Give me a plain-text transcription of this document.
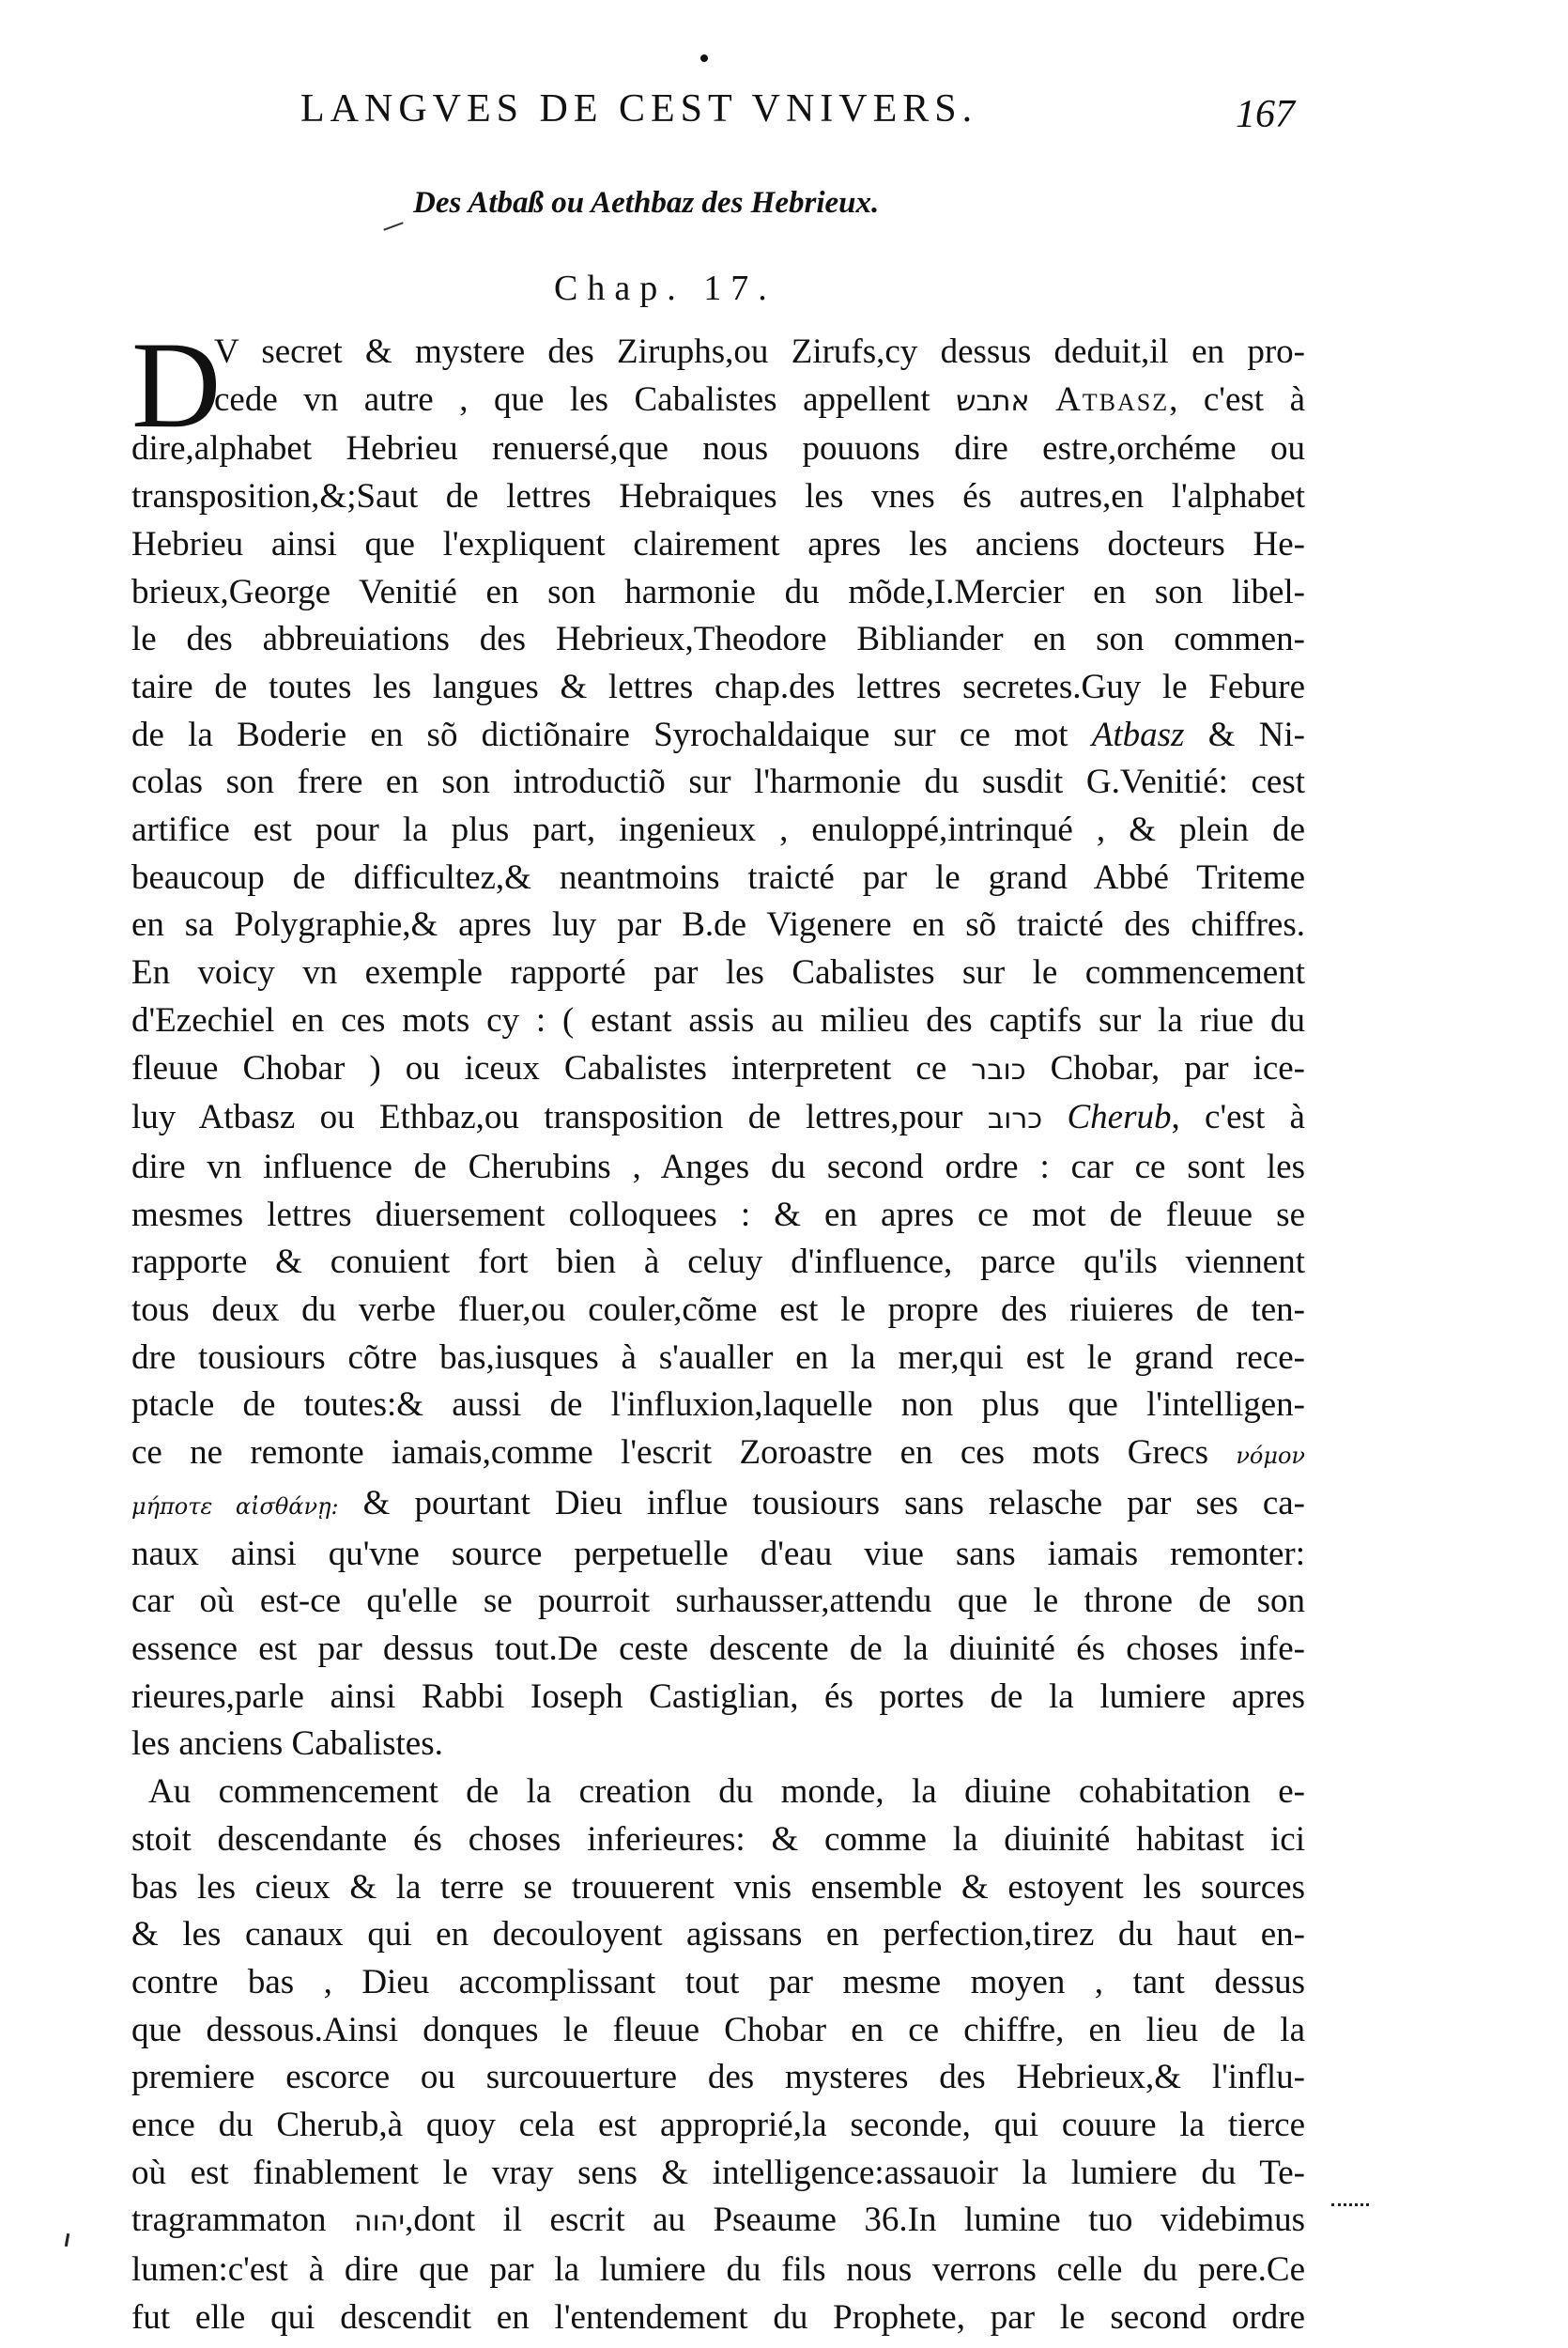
LANGVES DE CEST VNIVERS.	167
Des Atbaß ou Aethbaz des Hebrieux.
Chap. 17.
D
V secret & mystere des Ziruphs,ou Zirufs,cy dessus deduit,il en pro-
cede vn autre , que les Cabalistes appellent אתבש Atbasz, c'est à
dire,alphabet Hebrieu renuersé,que nous pouuons dire estre,orchéme ou
transposition,&;Saut de lettres Hebraiques les vnes és autres,en l'alphabet
Hebrieu ainsi que l'expliquent clairement apres les anciens docteurs He-
brieux,George Venitié en son harmonie du mõde,I.Mercier en son libel-
le des abbreuiations des Hebrieux,Theodore Bibliander en son commen-
taire de toutes les langues & lettres chap.des lettres secretes.Guy le Febure
de la Boderie en sõ dictiõnaire Syrochaldaique sur ce mot Atbasz & Ni-
colas son frere en son introductiõ sur l'harmonie du susdit G.Venitié: cest
artifice est pour la plus part, ingenieux , enuloppé,intrinqué , & plein de
beaucoup de difficultez,& neantmoins traicté par le grand Abbé Triteme
en sa Polygraphie,& apres luy par B.de Vigenere en sõ traicté des chiffres.
En voicy vn exemple rapporté par les Cabalistes sur le commencement
d'Ezechiel en ces mots cy : ( estant assis au milieu des captifs sur la riue du
fleuue Chobar ) ou iceux Cabalistes interpretent ce כובר Chobar, par ice-
luy Atbasz ou Ethbaz,ou transposition de lettres,pour כרוב Cherub, c'est à
dire vn influence de Cherubins , Anges du second ordre : car ce sont les
mesmes lettres diuersement colloquees : & en apres ce mot de fleuue se
rapporte & conuient fort bien à celuy d'influence, parce qu'ils viennent
tous deux du verbe fluer,ou couler,cõme est le propre des riuieres de ten-
dre tousiours cõtre bas,iusques à s'aualler en la mer,qui est le grand rece-
ptacle de toutes:& aussi de l'influxion,laquelle non plus que l'intelligen-
ce ne remonte iamais,comme l'escrit Zoroastre en ces mots Grecs νόμον
μήποτε αἰσθάνῃ: & pourtant Dieu influe tousiours sans relasche par ses ca-
naux ainsi qu'vne source perpetuelle d'eau viue sans iamais remonter:
car où est-ce qu'elle se pourroit surhausser,attendu que le throne de son
essence est par dessus tout.De ceste descente de la diuinité és choses infe-
rieures,parle ainsi Rabbi Ioseph Castiglian, és portes de la lumiere apres
les anciens Cabalistes.
Au commencement de la creation du monde, la diuine cohabitation e-
stoit descendante és choses inferieures: & comme la diuinité habitast ici
bas les cieux & la terre se trouuerent vnis ensemble & estoyent les sources
& les canaux qui en decouloyent agissans en perfection,tirez du haut en-
contre bas , Dieu accomplissant tout par mesme moyen , tant dessus
que dessous.Ainsi donques le fleuue Chobar en ce chiffre, en lieu de la
premiere escorce ou surcouuerture des mysteres des Hebrieux,& l'influ-
ence du Cherub,à quoy cela est approprié,la seconde, qui couure la tierce
où est finablement le vray sens & intelligence:assauoir la lumiere du Te-
tragrammaton יהוה,dont il escrit au Pseaume 36.In lumine tuo videbimus
lumen:c'est à dire que par la lumiere du fils nous verrons celle du pere.Ce
fut elle qui descendit en l'entendement du Prophete, par le second ordre
